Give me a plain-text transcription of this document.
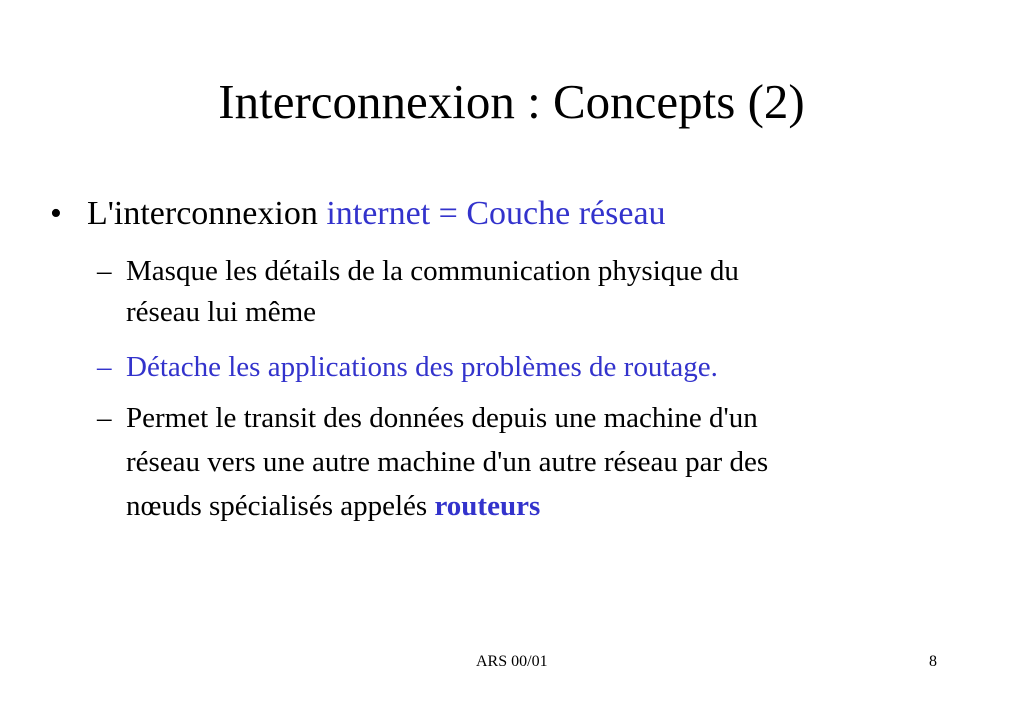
Interconnexion : Concepts (2)
• L'interconnexion internet = Couche réseau
– Masque les détails de la communication physique du
réseau lui même
– Détache les applications des problèmes de routage.
– Permet le transit des données depuis une machine d'un
réseau vers une autre machine d'un autre réseau par des
nœuds spécialisés appelés routeurs
ARS 00/01	8
